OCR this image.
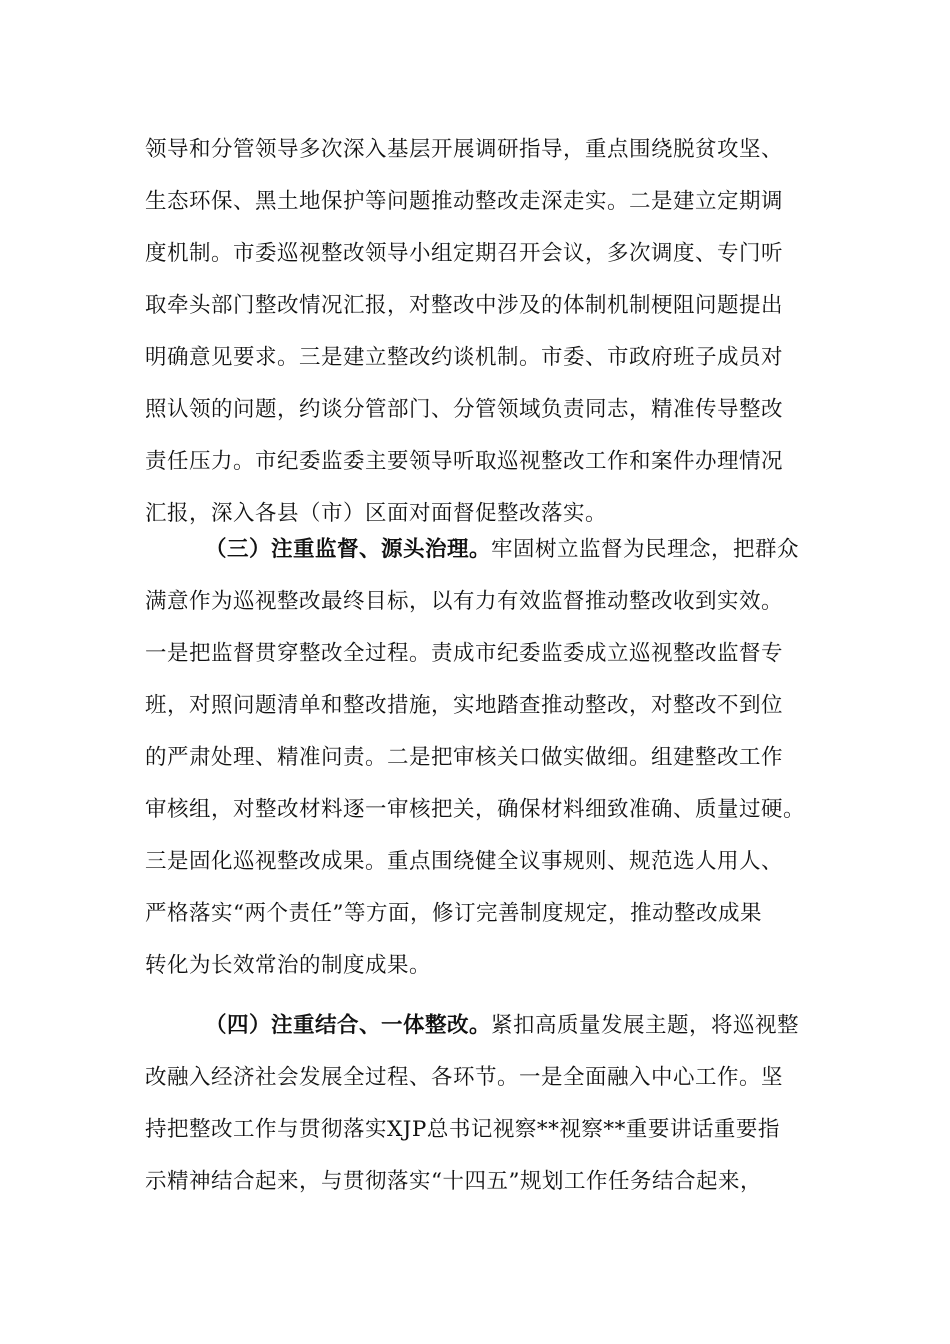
领导和分管领导多次深入基层开展调研指导，重点围绕脱贫攻坚、
生态环保、黑土地保护等问题推动整改走深走实。二是建立定期调
度机制。市委巡视整改领导小组定期召开会议，多次调度、专门听
取牵头部门整改情况汇报，对整改中涉及的体制机制梗阻问题提出
明确意见要求。三是建立整改约谈机制。市委、市政府班子成员对
照认领的问题，约谈分管部门、分管领域负责同志，精准传导整改
责任压力。市纪委监委主要领导听取巡视整改工作和案件办理情况
汇报，深入各县（市）区面对面督促整改落实。
（三）注重监督、源头治理。牢固树立监督为民理念，把群众
满意作为巡视整改最终目标，以有力有效监督推动整改收到实效。
一是把监督贯穿整改全过程。责成市纪委监委成立巡视整改监督专
班，对照问题清单和整改措施，实地踏查推动整改，对整改不到位
的严肃处理、精准问责。二是把审核关口做实做细。组建整改工作
审核组，对整改材料逐一审核把关，确保材料细致准确、质量过硬。
三是固化巡视整改成果。重点围绕健全议事规则、规范选人用人、
严格落实“两个责任”等方面，修订完善制度规定，推动整改成果
转化为长效常治的制度成果。
（四）注重结合、一体整改。紧扣高质量发展主题，将巡视整
改融入经济社会发展全过程、各环节。一是全面融入中心工作。坚
持把整改工作与贯彻落实XJP总书记视察**视察**重要讲话重要指
示精神结合起来，与贯彻落实“十四五”规划工作任务结合起来，
